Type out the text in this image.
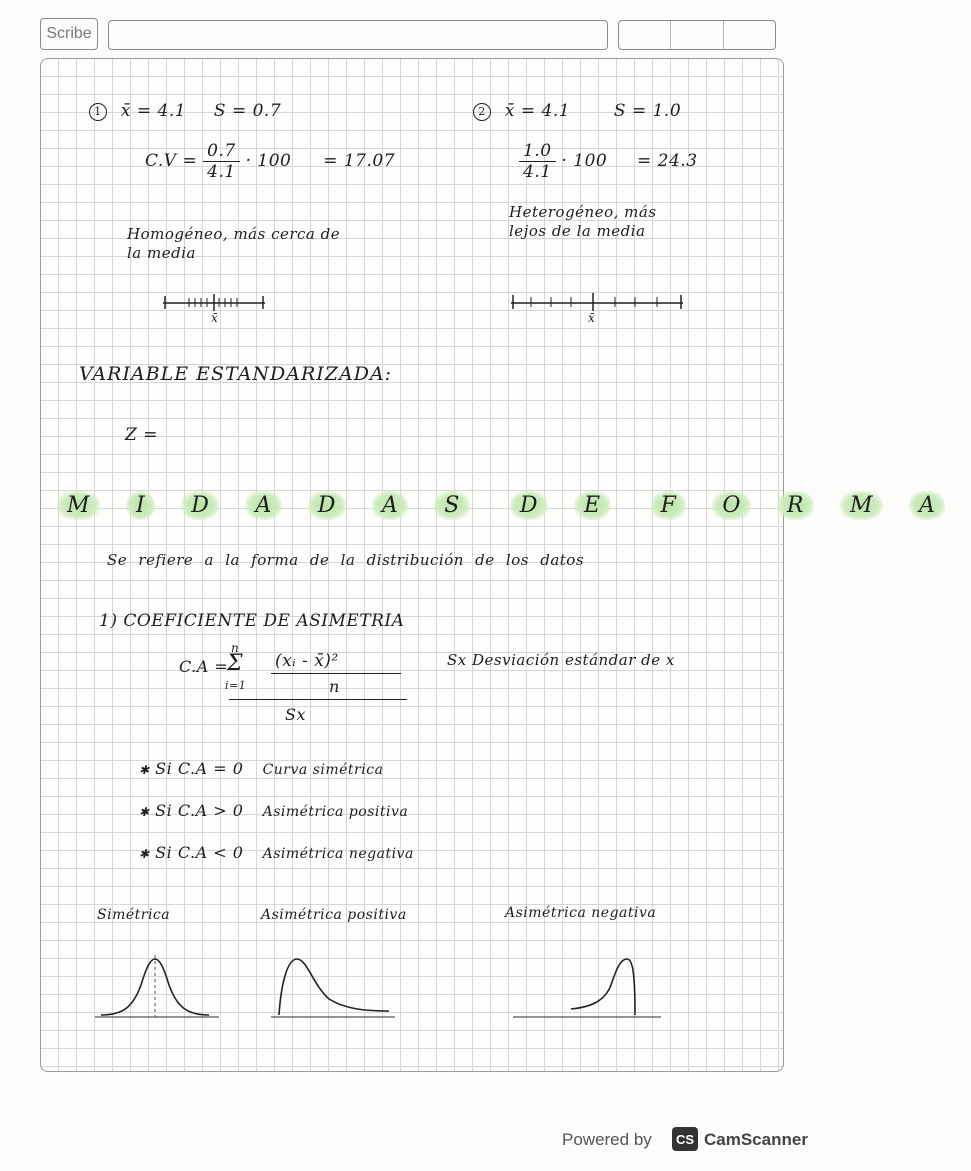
Scribe
1 x̄ = 4.1 S = 0.7
$C.V = \frac{0.7}{4.1} \cdot 100 = 17.07$
Homogéneo, más cerca de
la media
x̄
2 x̄ = 4.1	S = 1.0
$\frac{1.0}{4.1} \cdot 100 = 24.3$
Heterogéneo, más
lejos de la media
x̄
VARIABLE ESTANDARIZADA:
Z =
M I D A D A S	D E	F O R M A
Se refiere a la forma de la distribución de los datos
1) COEFICIENTE DE ASIMETRIA
C.A =
n
Σ
i=1
(xᵢ - x̄)²
n
Sx
Sx Desviación estándar de x
✱ Si C.A = 0 Curva simétrica
✱ Si C.A > 0 Asimétrica positiva
✱ Si C.A < 0 Asimétrica negativa
Simétrica	Asimétrica positiva	Asimétrica negativa
Powered by	CS CamScanner
